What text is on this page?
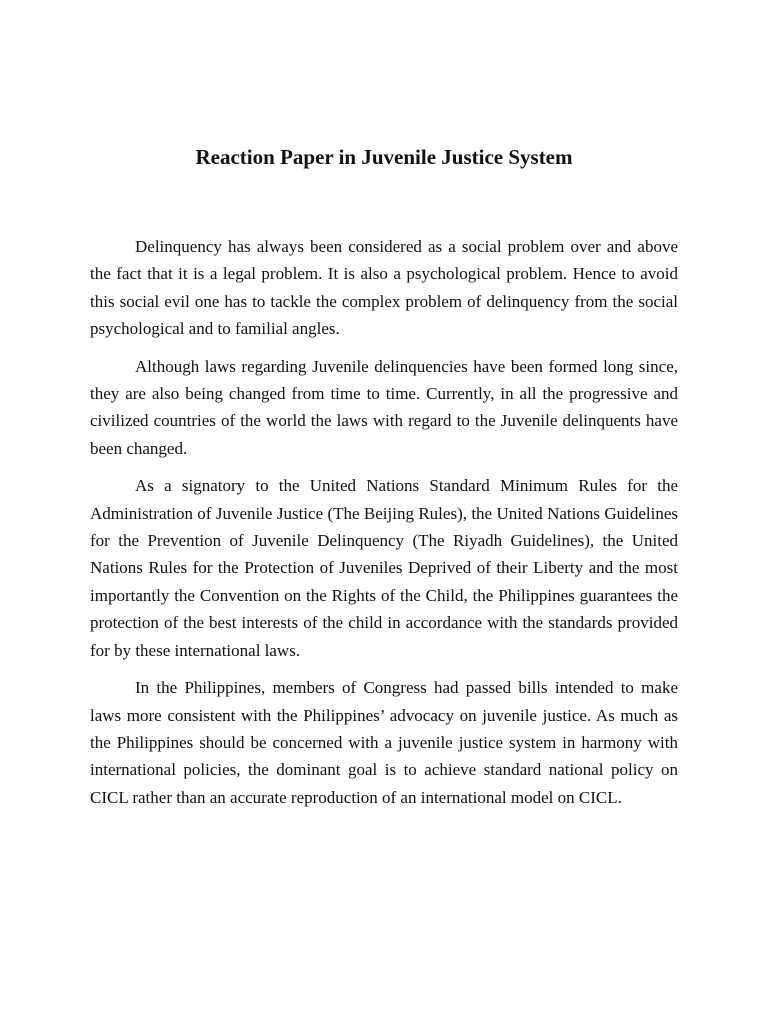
Reaction Paper in Juvenile Justice System

Delinquency has always been considered as a social problem over and above the fact that it is a legal problem. It is also a psychological problem. Hence to avoid this social evil one has to tackle the complex problem of delinquency from the social psychological and to familial angles.

Although laws regarding Juvenile delinquencies have been formed long since, they are also being changed from time to time. Currently, in all the progressive and civilized countries of the world the laws with regard to the Juvenile delinquents have been changed.

As a signatory to the United Nations Standard Minimum Rules for the Administration of Juvenile Justice (The Beijing Rules), the United Nations Guidelines for the Prevention of Juvenile Delinquency (The Riyadh Guidelines), the United Nations Rules for the Protection of Juveniles Deprived of their Liberty and the most importantly the Convention on the Rights of the Child, the Philippines guarantees the protection of the best interests of the child in accordance with the standards provided for by these international laws.

In the Philippines, members of Congress had passed bills intended to make laws more consistent with the Philippines’ advocacy on juvenile justice. As much as the Philippines should be concerned with a juvenile justice system in harmony with international policies, the dominant goal is to achieve standard national policy on CICL rather than an accurate reproduction of an international model on CICL.
